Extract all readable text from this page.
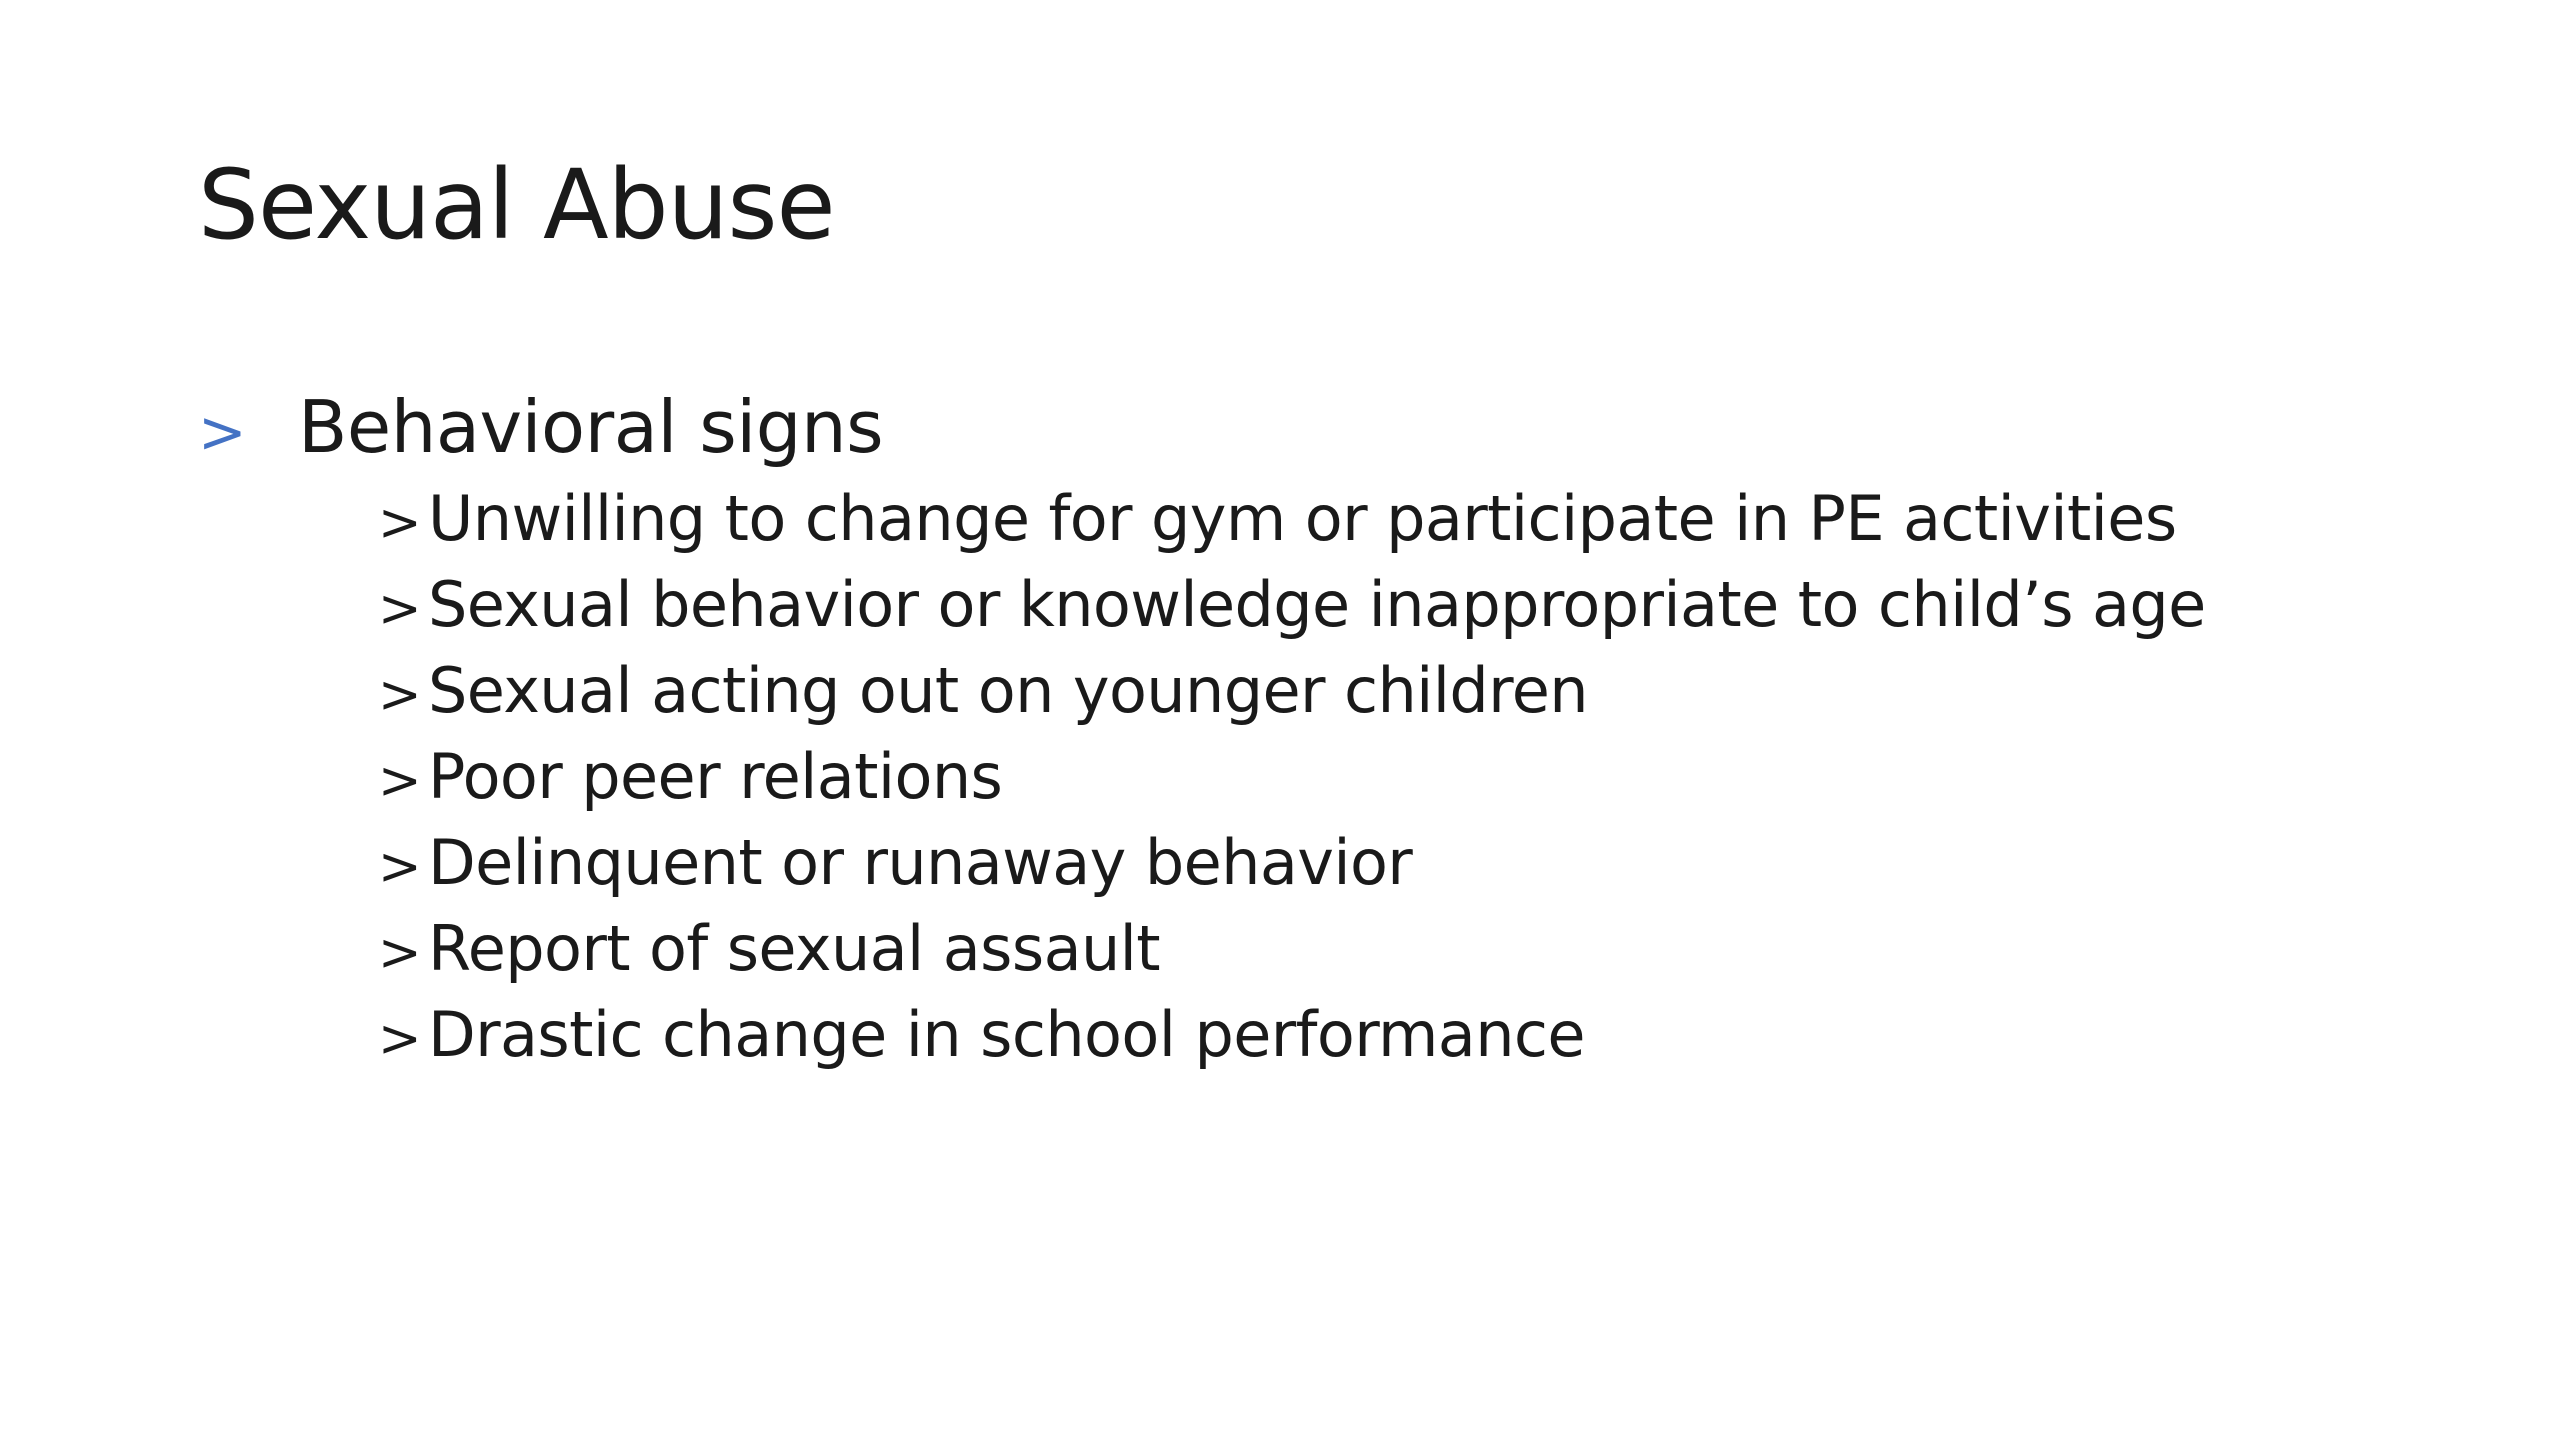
Sexual Abuse
> Behavioral signs
> Unwilling to change for gym or participate in PE activities
> Sexual behavior or knowledge inappropriate to child’s age
> Sexual acting out on younger children
> Poor peer relations
> Delinquent or runaway behavior
> Report of sexual assault
> Drastic change in school performance
